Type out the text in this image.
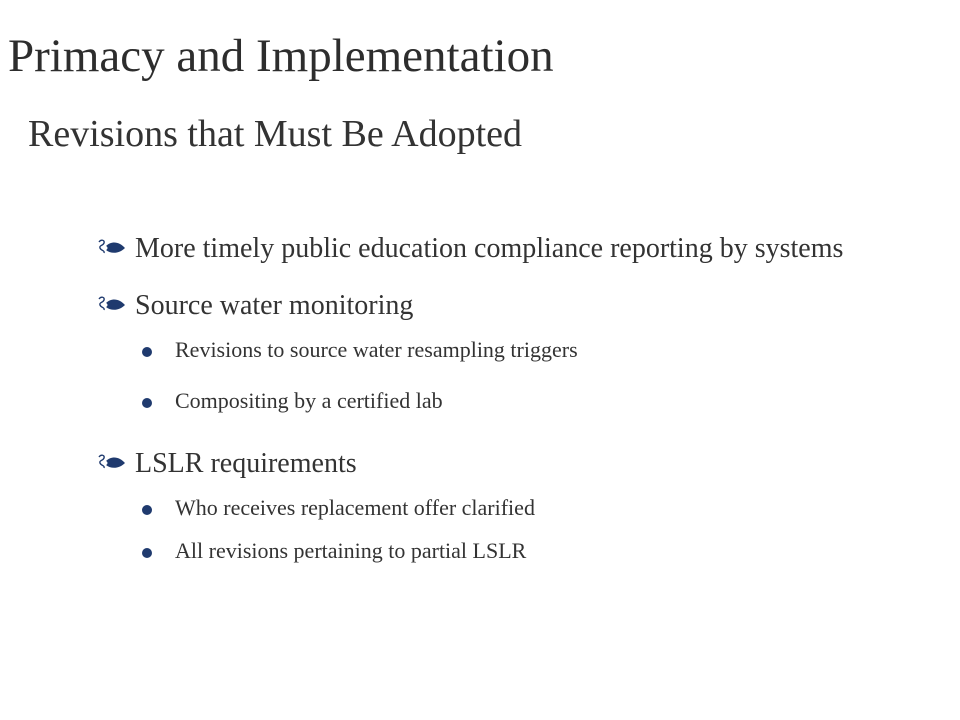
Primacy and Implementation
Revisions that Must Be Adopted
More timely public education compliance reporting by systems
Source water monitoring
Revisions to source water resampling triggers
Compositing by a certified lab
LSLR requirements
Who receives replacement offer clarified
All revisions pertaining to partial LSLR
